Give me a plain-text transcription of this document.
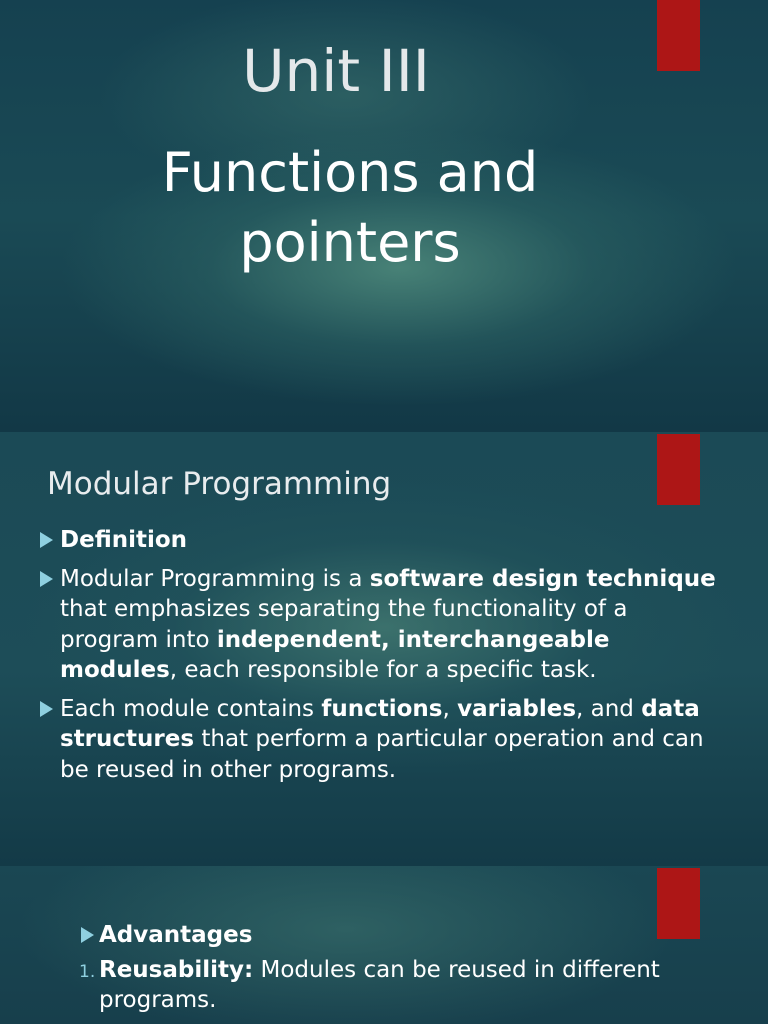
Unit III
Functions and pointers
Modular Programming
Definition
Modular Programming is a software design technique that emphasizes separating the functionality of a program into independent, interchangeable modules, each responsible for a specific task.
Each module contains functions, variables, and data structures that perform a particular operation and can be reused in other programs.
Advantages
1. Reusability: Modules can be reused in different programs.
